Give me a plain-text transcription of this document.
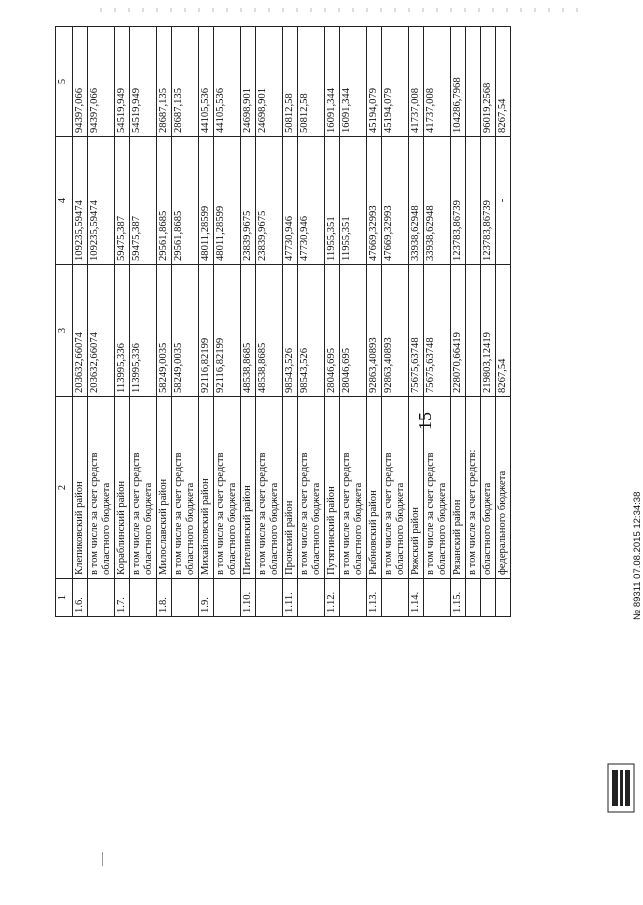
1	2	3	4	5
1.6.	Клепиковский район	203632,66074	109235,59474	94397,066
	в том числе за счет средств областного бюджета	203632,66074	109235,59474	94397,066
1.7.	Кораблинский район	113995,336	59475,387	54519,949
	в том числе за счет средств областного бюджета	113995,336	59475,387	54519,949
1.8.	Милославский район	58249,0035	29561,8685	28687,135
	в том числе за счет средств областного бюджета	58249,0035	29561,8685	28687,135
1.9.	Михайловский район	92116,82199	48011,28599	44105,536
	в том числе за счет средств областного бюджета	92116,82199	48011,28599	44105,536
1.10.	Пителинский район	48538,8685	23839,9675	24698,901
	в том числе за счет средств областного бюджета	48538,8685	23839,9675	24698,901
1.11.	Пронский район	98543,526	47730,946	50812,58
	в том числе за счет средств областного бюджета	98543,526	47730,946	50812,58
1.12.	Путятинский район	28046,695	11955,351	16091,344
	в том числе за счет средств областного бюджета	28046,695	11955,351	16091,344
1.13.	Рыбновский район	92863,40893	47669,32993	45194,079
	в том числе за счет средств областного бюджета	92863,40893	47669,32993	45194,079
1.14.	Ряжский район	75675,63748	33938,62948	41737,008
	в том числе за счет средств областного бюджета	75675,63748	33938,62948	41737,008
1.15.	Рязанский район	228070,66419	123783,86739	104286,7968
	в том числе за счет средств:			
	областного бюджета	219803,12419	123783,86739	96019,2568
	федерального бюджета	8267,54	-	8267,54
15
№ 89311 07.08.2015 12:34:38
